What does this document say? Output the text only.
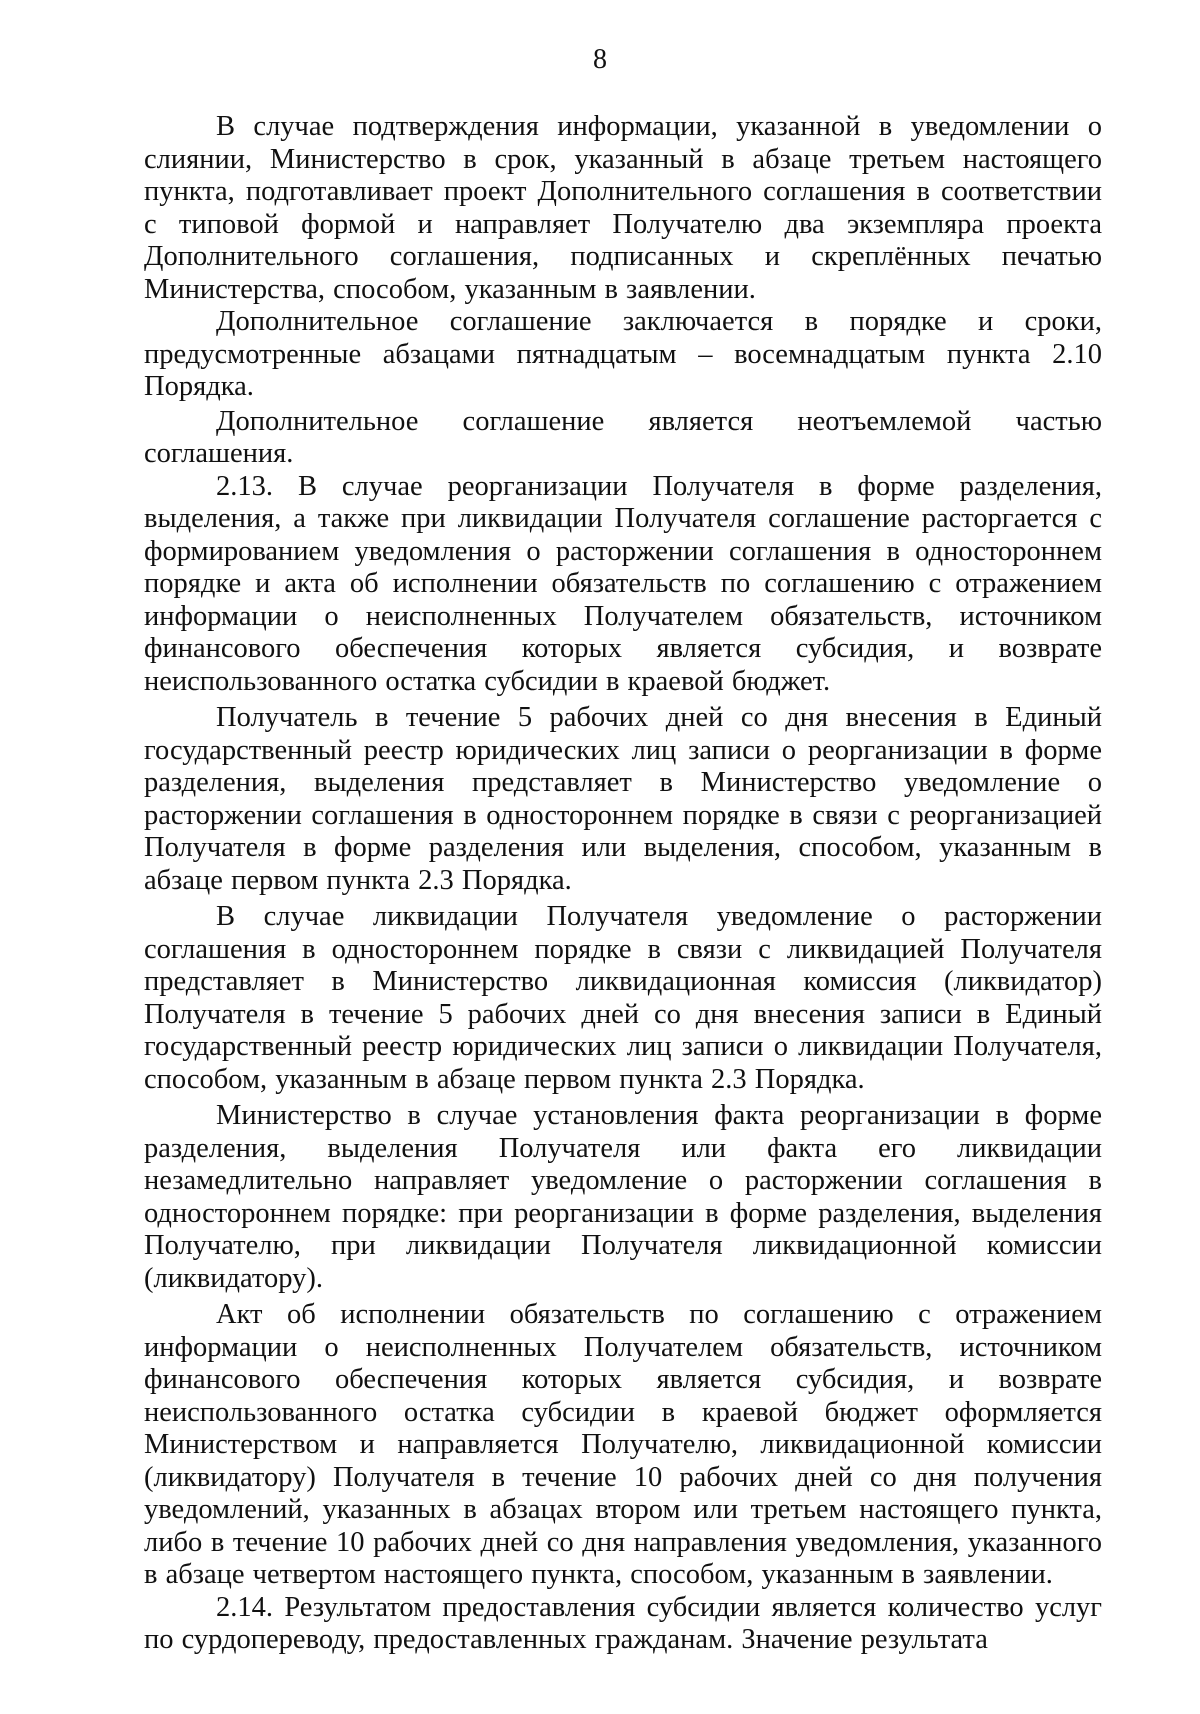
8

В случае подтверждения информации, указанной в уведомлении о слиянии, Министерство в срок, указанный в абзаце третьем настоящего пункта, подготавливает проект Дополнительного соглашения в соответствии с типовой формой и направляет Получателю два экземпляра проекта Дополнительного соглашения, подписанных и скреплённых печатью Министерства, способом, указанным в заявлении.

Дополнительное соглашение заключается в порядке и сроки, предусмотренные абзацами пятнадцатым – восемнадцатым пункта 2.10 Порядка.

Дополнительное соглашение является неотъемлемой частью соглашения.

2.13. В случае реорганизации Получателя в форме разделения, выделения, а также при ликвидации Получателя соглашение расторгается с формированием уведомления о расторжении соглашения в одностороннем порядке и акта об исполнении обязательств по соглашению с отражением информации о неисполненных Получателем обязательств, источником финансового обеспечения которых является субсидия, и возврате неиспользованного остатка субсидии в краевой бюджет.

Получатель в течение 5 рабочих дней со дня внесения в Единый государственный реестр юридических лиц записи о реорганизации в форме разделения, выделения представляет в Министерство уведомление о расторжении соглашения в одностороннем порядке в связи с реорганизацией Получателя в форме разделения или выделения, способом, указанным в абзаце первом пункта 2.3 Порядка.

В случае ликвидации Получателя уведомление о расторжении соглашения в одностороннем порядке в связи с ликвидацией Получателя представляет в Министерство ликвидационная комиссия (ликвидатор) Получателя в течение 5 рабочих дней со дня внесения записи в Единый государственный реестр юридических лиц записи о ликвидации Получателя, способом, указанным в абзаце первом пункта 2.3 Порядка.

Министерство в случае установления факта реорганизации в форме разделения, выделения Получателя или факта его ликвидации незамедлительно направляет уведомление о расторжении соглашения в одностороннем порядке: при реорганизации в форме разделения, выделения Получателю, при ликвидации Получателя ликвидационной комиссии (ликвидатору).

Акт об исполнении обязательств по соглашению с отражением информации о неисполненных Получателем обязательств, источником финансового обеспечения которых является субсидия, и возврате неиспользованного остатка субсидии в краевой бюджет оформляется Министерством и направляется Получателю, ликвидационной комиссии (ликвидатору) Получателя в течение 10 рабочих дней со дня получения уведомлений, указанных в абзацах втором или третьем настоящего пункта, либо в течение 10 рабочих дней со дня направления уведомления, указанного в абзаце четвертом настоящего пункта, способом, указанным в заявлении.

2.14. Результатом предоставления субсидии является количество услуг по сурдопереводу, предоставленных гражданам. Значение результата
